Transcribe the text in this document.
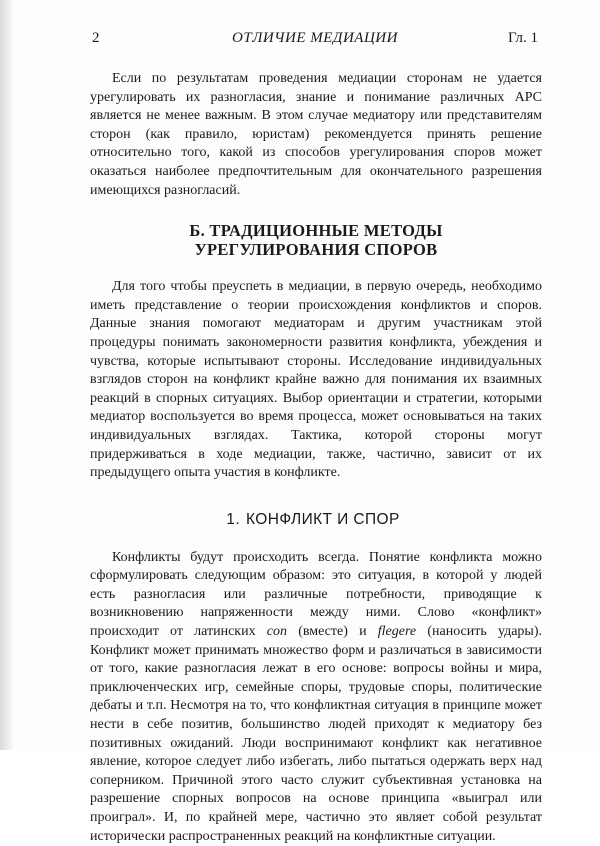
2	ОТЛИЧИЕ МЕДИАЦИИ	Гл. 1

Если по результатам проведения медиации сторонам не удается урегулировать их разногласия, знание и понимание различных АРС является не менее важным. В этом случае медиатору или представителям сторон (как правило, юристам) рекомендуется принять решение относительно того, какой из способов урегулирования споров может оказаться наиболее предпочтительным для окончательного разрешения имеющихся разногласий.

Б. ТРАДИЦИОННЫЕ МЕТОДЫ
УРЕГУЛИРОВАНИЯ СПОРОВ

Для того чтобы преуспеть в медиации, в первую очередь, необходимо иметь представление о теории происхождения конфликтов и споров. Данные знания помогают медиаторам и другим участникам этой процедуры понимать закономерности развития конфликта, убеждения и чувства, которые испытывают стороны. Исследование индивидуальных взглядов сторон на конфликт крайне важно для понимания их взаимных реакций в спорных ситуациях. Выбор ориентации и стратегии, которыми медиатор воспользуется во время процесса, может основываться на таких индивидуальных взглядах. Тактика, которой стороны могут придерживаться в ходе медиации, также, частично, зависит от их предыдущего опыта участия в конфликте.

1. КОНФЛИКТ И СПОР

Конфликты будут происходить всегда. Понятие конфликта можно сформулировать следующим образом: это ситуация, в которой у людей есть разногласия или различные потребности, приводящие к возникновению напряженности между ними. Слово «конфликт» происходит от латинских con (вместе) и flegere (наносить удары). Конфликт может принимать множество форм и различаться в зависимости от того, какие разногласия лежат в его основе: вопросы войны и мира, приключенческих игр, семейные споры, трудовые споры, политические дебаты и т.п. Несмотря на то, что конфликтная ситуация в принципе может нести в себе позитив, большинство людей приходят к медиатору без позитивных ожиданий. Люди воспринимают конфликт как негативное явление, которое следует либо избегать, либо пытаться одержать верх над соперником. Причиной этого часто служит субъективная установка на разрешение спорных вопросов на основе принципа «выиграл или проиграл». И, по крайней мере, частично это являет собой результат исторически распространенных реакций на конфликтные ситуации.
